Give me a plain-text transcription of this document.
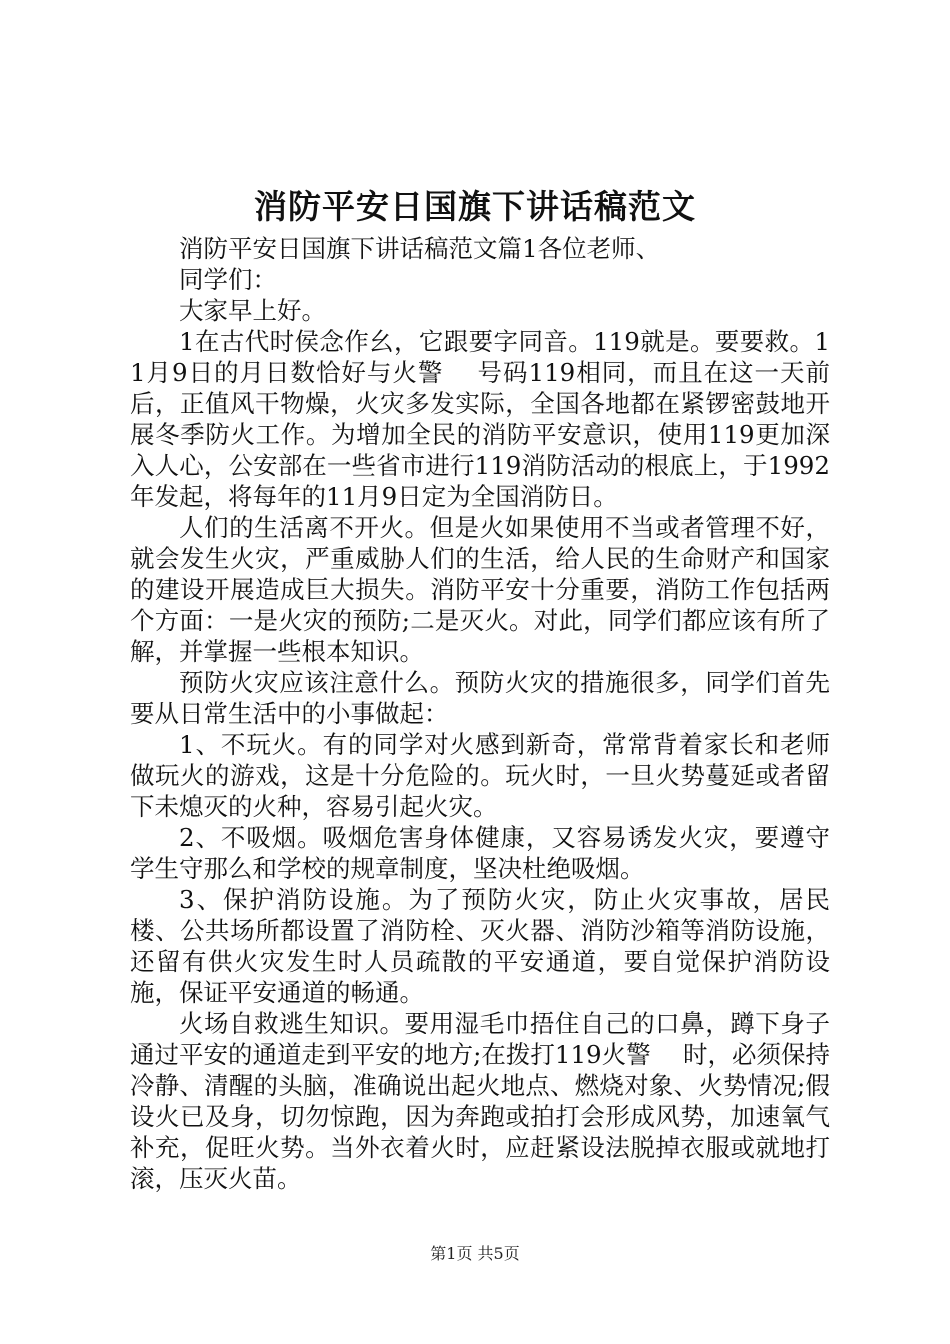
消防平安日国旗下讲话稿范文

消防平安日国旗下讲话稿范文篇1各位老师、

同学们：

大家早上好。

1在古代时侯念作幺，它跟要字同音。119就是。要要救。11月9日的月日数恰好与火警　 号码119相同，而且在这一天前后，正值风干物燥，火灾多发实际，全国各地都在紧锣密鼓地开展冬季防火工作。为增加全民的消防平安意识，使用119更加深入人心，公安部在一些省市进行119消防活动的根底上，于1992年发起，将每年的11月9日定为全国消防日。

人们的生活离不开火。但是火如果使用不当或者管理不好，就会发生火灾，严重威胁人们的生活，给人民的生命财产和国家的建设开展造成巨大损失。消防平安十分重要，消防工作包括两个方面：一是火灾的预防;二是灭火。对此，同学们都应该有所了解，并掌握一些根本知识。

预防火灾应该注意什么。预防火灾的措施很多，同学们首先要从日常生活中的小事做起：

1、不玩火。有的同学对火感到新奇，常常背着家长和老师做玩火的游戏，这是十分危险的。玩火时，一旦火势蔓延或者留下未熄灭的火种，容易引起火灾。

2、不吸烟。吸烟危害身体健康，又容易诱发火灾，要遵守学生守那么和学校的规章制度，坚决杜绝吸烟。

3、保护消防设施。为了预防火灾，防止火灾事故，居民楼、公共场所都设置了消防栓、灭火器、消防沙箱等消防设施，还留有供火灾发生时人员疏散的平安通道，要自觉保护消防设施，保证平安通道的畅通。

火场自救逃生知识。要用湿毛巾捂住自己的口鼻，蹲下身子通过平安的通道走到平安的地方;在拨打119火警　 时，必须保持冷静、清醒的头脑，准确说出起火地点、燃烧对象、火势情况;假设火已及身，切勿惊跑，因为奔跑或拍打会形成风势，加速氧气补充，促旺火势。当外衣着火时，应赶紧设法脱掉衣服或就地打滚，压灭火苗。

第1页 共5页
